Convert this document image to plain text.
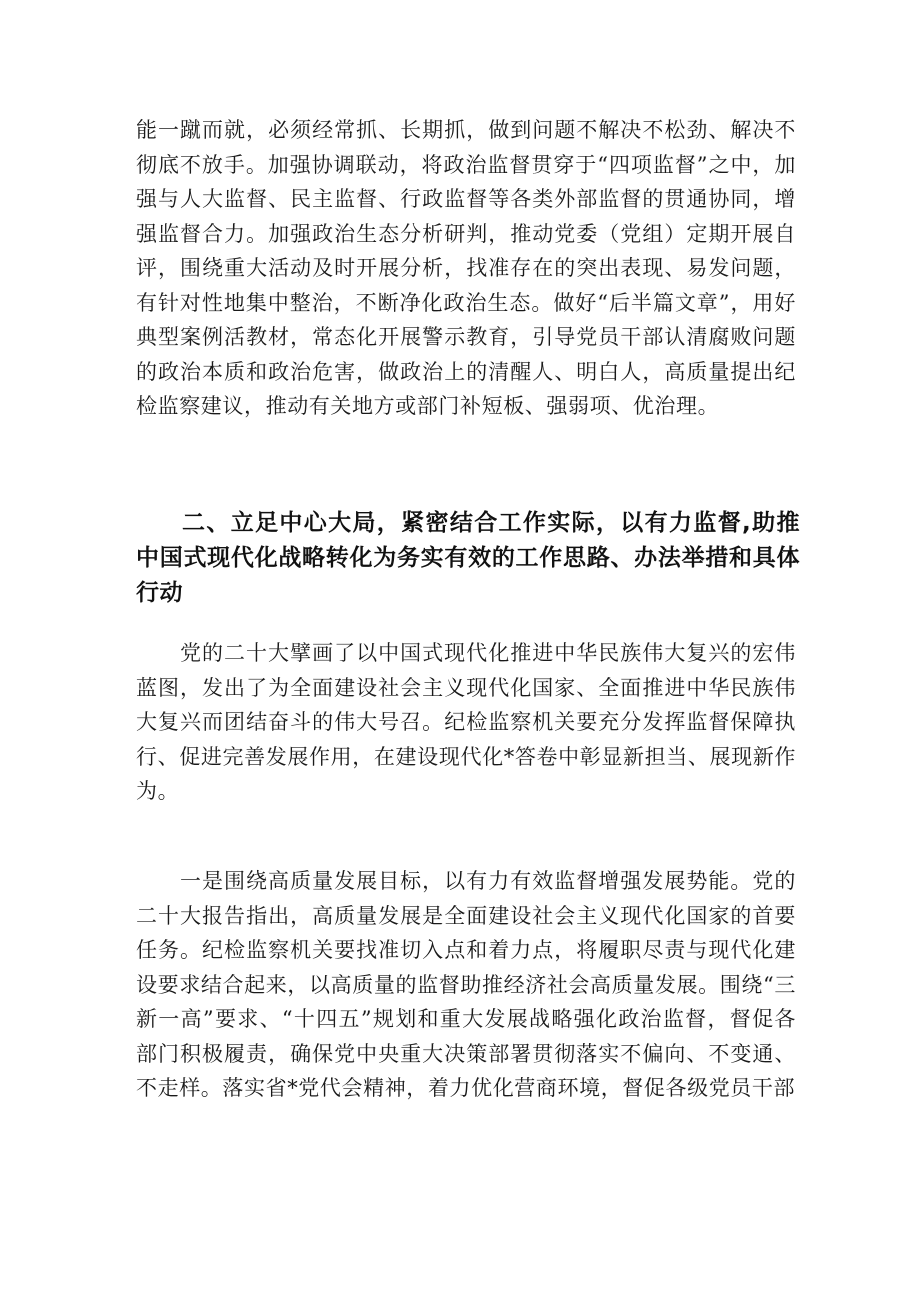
能一蹴而就，必须经常抓、长期抓，做到问题不解决不松劲、解决不彻底不放手。加强协调联动，将政治监督贯穿于“四项监督”之中，加强与人大监督、民主监督、行政监督等各类外部监督的贯通协同，增强监督合力。加强政治生态分析研判，推动党委（党组）定期开展自评，围绕重大活动及时开展分析，找准存在的突出表现、易发问题，有针对性地集中整治，不断净化政治生态。做好“后半篇文章”，用好典型案例活教材，常态化开展警示教育，引导党员干部认清腐败问题的政治本质和政治危害，做政治上的清醒人、明白人，高质量提出纪检监察建议，推动有关地方或部门补短板、强弱项、优治理。

二、立足中心大局，紧密结合工作实际，以有力监督,助推中国式现代化战略转化为务实有效的工作思路、办法举措和具体行动

党的二十大擘画了以中国式现代化推进中华民族伟大复兴的宏伟蓝图，发出了为全面建设社会主义现代化国家、全面推进中华民族伟大复兴而团结奋斗的伟大号召。纪检监察机关要充分发挥监督保障执行、促进完善发展作用，在建设现代化*答卷中彰显新担当、展现新作为。

一是围绕高质量发展目标，以有力有效监督增强发展势能。党的二十大报告指出，高质量发展是全面建设社会主义现代化国家的首要任务。纪检监察机关要找准切入点和着力点，将履职尽责与现代化建设要求结合起来，以高质量的监督助推经济社会高质量发展。围绕“三新一高”要求、“十四五”规划和重大发展战略强化政治监督，督促各部门积极履责，确保党中央重大决策部署贯彻落实不偏向、不变通、不走样。落实省*党代会精神，着力优化营商环境，督促各级党员干部
